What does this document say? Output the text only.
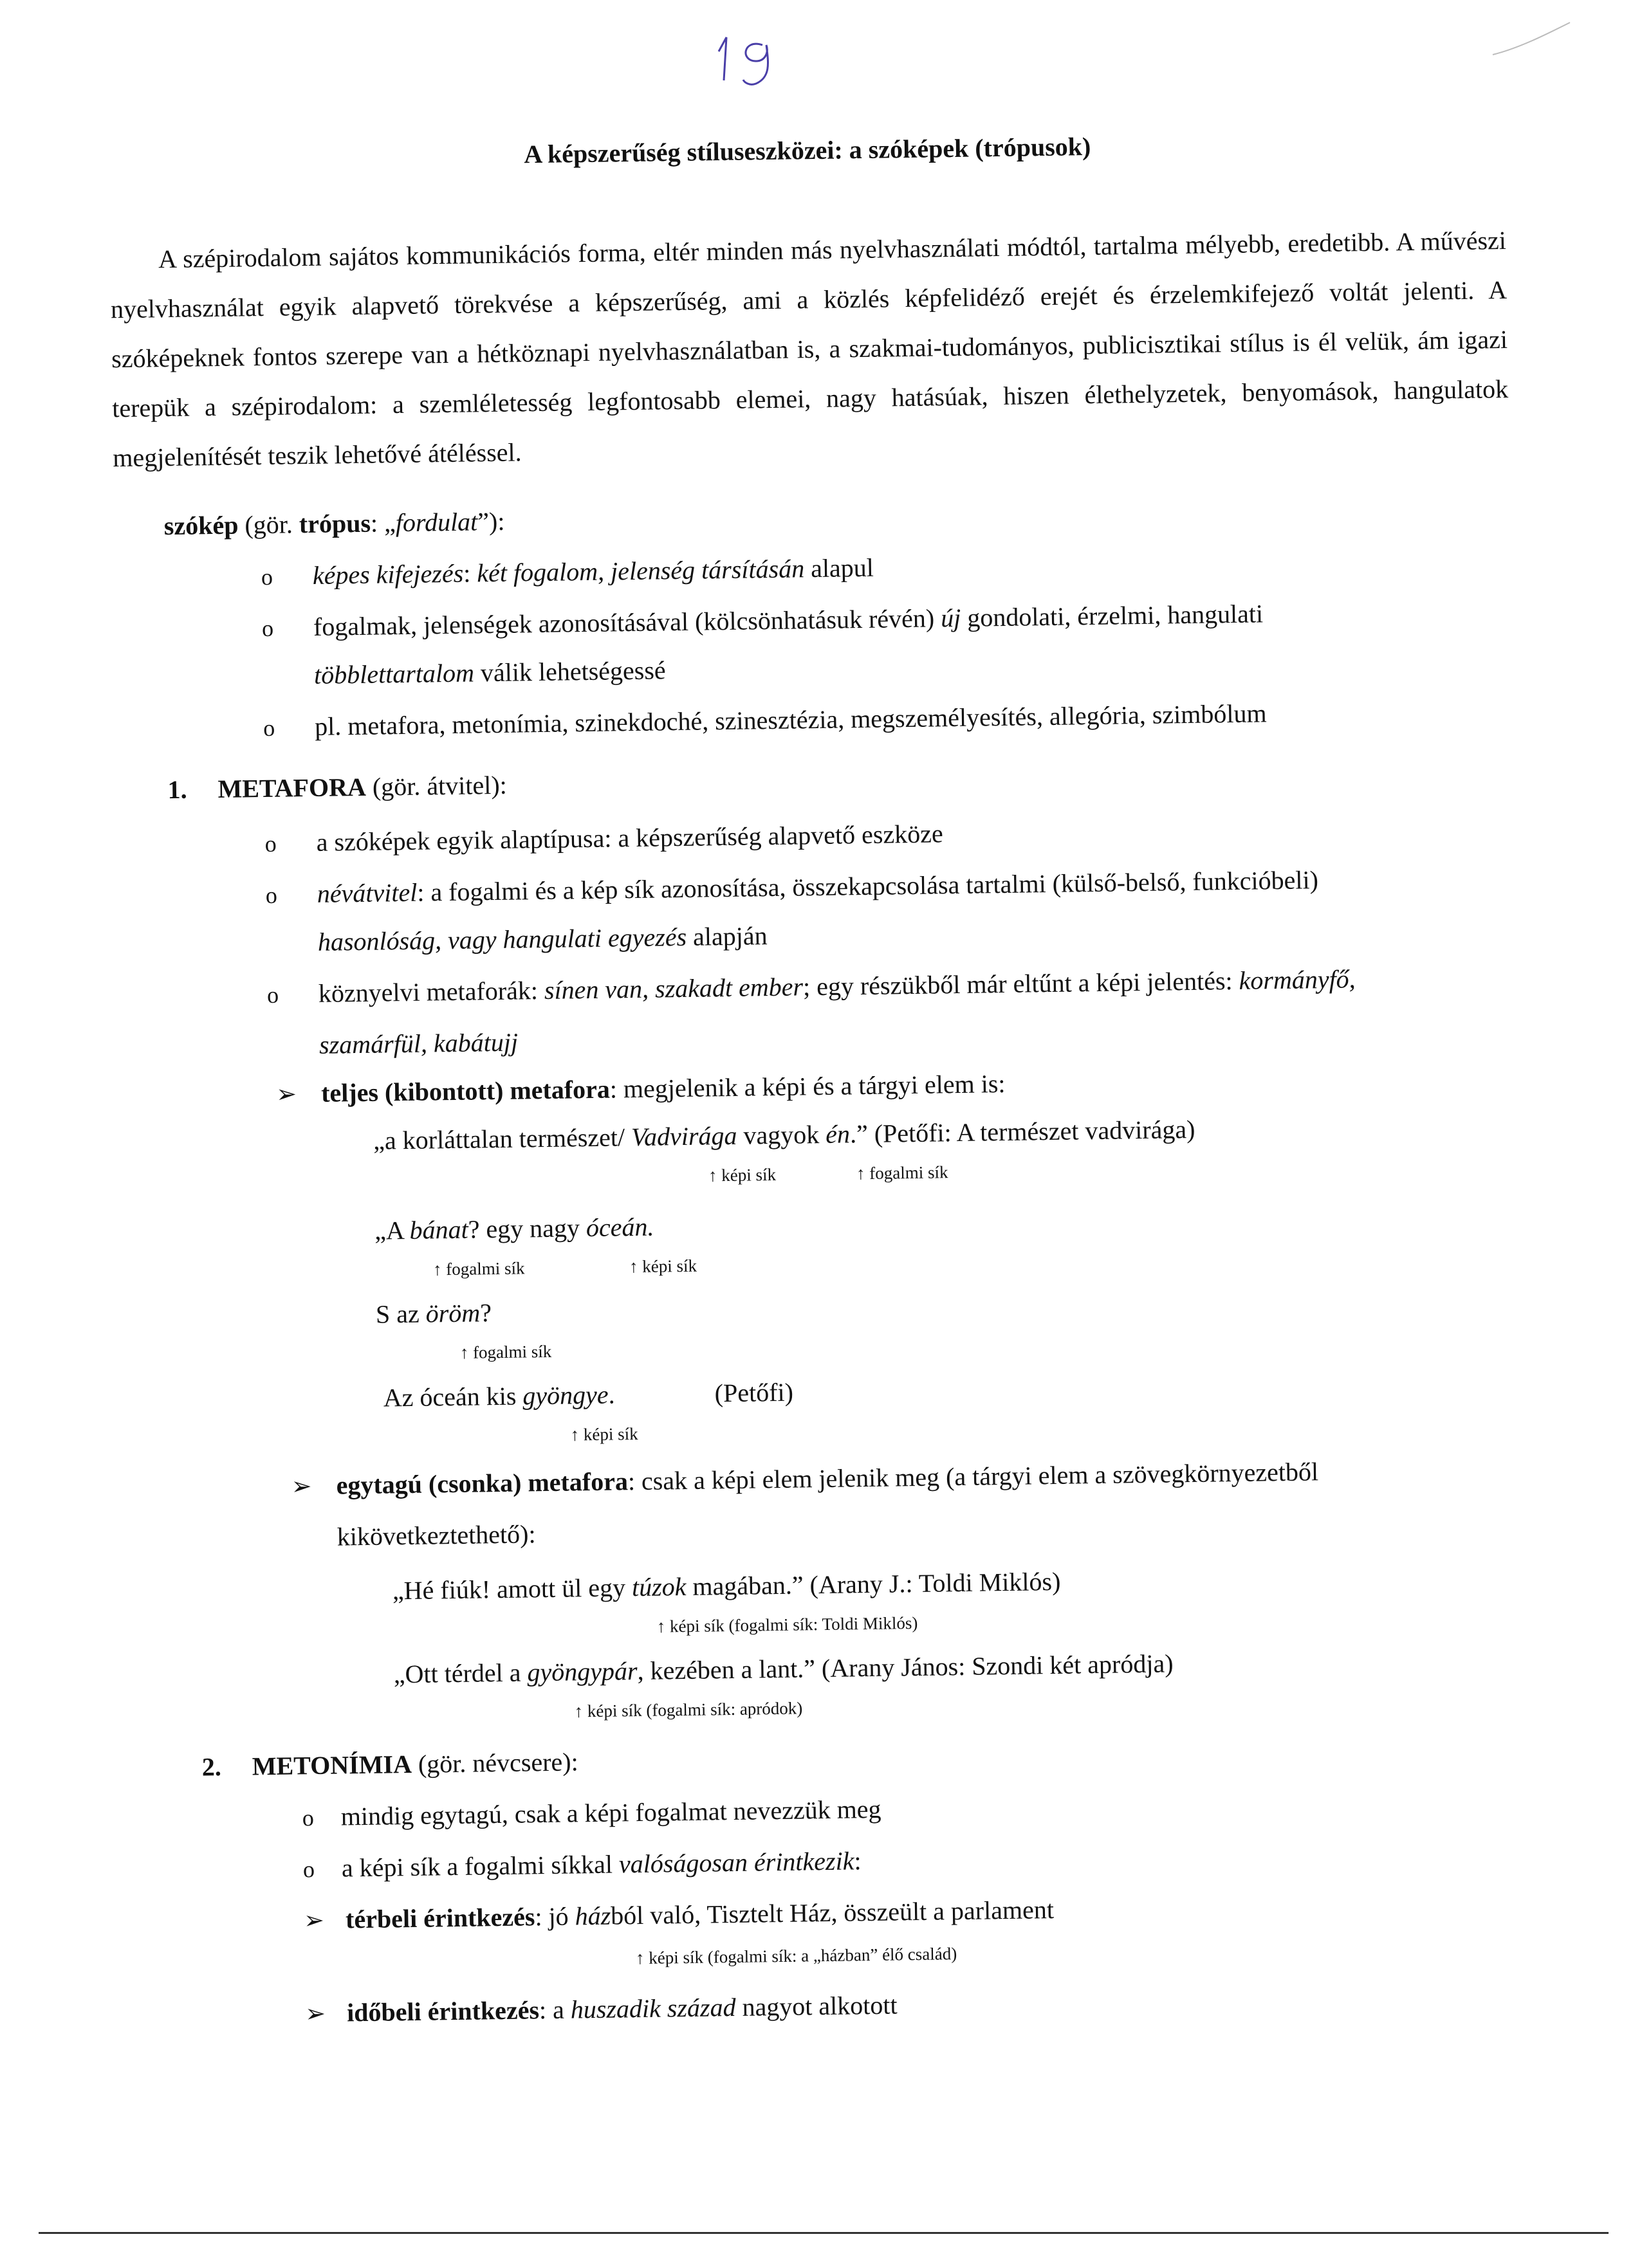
A képszerűség stíluseszközei: a szóképek (trópusok)
A szépirodalom sajátos kommunikációs forma, eltér minden más nyelvhasználati módtól, tartalma mélyebb, eredetibb. A művészi nyelvhasználat egyik alapvető törekvése a képszerűség, ami a közlés képfelidéző erejét és érzelemkifejező voltát jelenti. A szóképeknek fontos szerepe van a hétköznapi nyelvhasználatban is, a szakmai-tudományos, publicisztikai stílus is él velük, ám igazi terepük a szépirodalom: a szemléletesség legfontosabb elemei, nagy hatásúak, hiszen élethelyzetek, benyomások, hangulatok megjelenítését teszik lehetővé átéléssel.
szókép (gör. trópus: „fordulat”):
o képes kifejezés: két fogalom, jelenség társításán alapul
o fogalmak, jelenségek azonosításával (kölcsönhatásuk révén) új gondolati, érzelmi, hangulati
többlettartalom válik lehetségessé
o pl. metafora, metonímia, szinekdoché, szinesztézia, megszemélyesítés, allegória, szimbólum
1. METAFORA (gör. átvitel):
o a szóképek egyik alaptípusa: a képszerűség alapvető eszköze
o névátvitel: a fogalmi és a kép sík azonosítása, összekapcsolása tartalmi (külső-belső, funkcióbeli)
hasonlóság, vagy hangulati egyezés alapján
o köznyelvi metaforák: sínen van, szakadt ember; egy részükből már eltűnt a képi jelentés: kormányfő,
szamárfül, kabátujj
➢ teljes (kibontott) metafora: megjelenik a képi és a tárgyi elem is:
„a korláttalan természet/ Vadvirága vagyok én.” (Petőfi: A természet vadvirága)
↑ képi sík	↑ fogalmi sík
„A bánat? egy nagy óceán.
↑ fogalmi sík	↑ képi sík
S az öröm?
↑ fogalmi sík
Az óceán kis gyöngye.	(Petőfi)
↑ képi sík
➢ egytagú (csonka) metafora: csak a képi elem jelenik meg (a tárgyi elem a szövegkörnyezetből
kikövetkeztethető):
„Hé fiúk! amott ül egy túzok magában.” (Arany J.: Toldi Miklós)
↑ képi sík (fogalmi sík: Toldi Miklós)
„Ott térdel a gyöngypár, kezében a lant.” (Arany János: Szondi két apródja)
↑ képi sík (fogalmi sík: apródok)
2. METONÍMIA (gör. névcsere):
o mindig egytagú, csak a képi fogalmat nevezzük meg
o a képi sík a fogalmi síkkal valóságosan érintkezik:
➢ térbeli érintkezés: jó házból való, Tisztelt Ház, összeült a parlament
↑ képi sík (fogalmi sík: a „házban” élő család)
➢ időbeli érintkezés: a huszadik század nagyot alkotott
